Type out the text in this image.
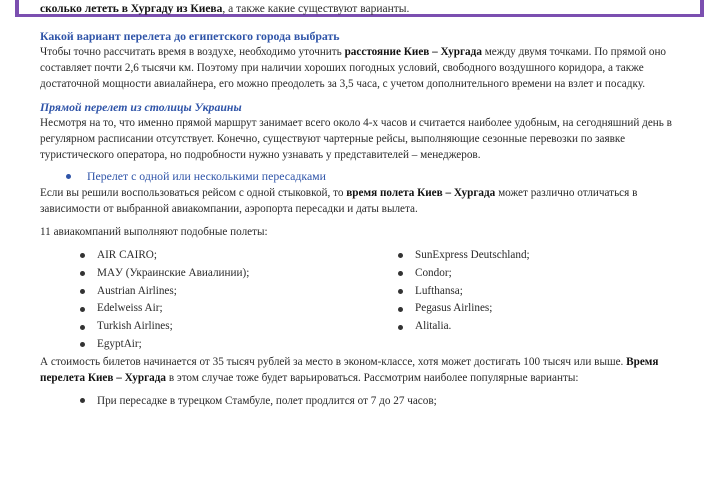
сколько лететь в Хургаду из Киева, а также какие существуют варианты.
Какой вариант перелета до египетского города выбрать

Чтобы точно рассчитать время в воздухе, необходимо уточнить расстояние Киев – Хургада между двумя точками. По прямой оно составляет почти 2,6 тысячи км. Поэтому при наличии хороших погодных условий, свободного воздушного коридора, а также достаточной мощности авиалайнера, его можно преодолеть за 3,5 часа, с учетом дополнительного времени на взлет и посадку.

Прямой перелет из столицы Украины

Несмотря на то, что именно прямой маршрут занимает всего около 4-х часов и считается наиболее удобным, на сегодняшний день в регулярном расписании отсутствует. Конечно, существуют чартерные рейсы, выполняющие сезонные перевозки по заявке туристического оператора, но подробности нужно узнавать у представителей – менеджеров.

Перелет с одной или несколькими пересадками

Если вы решили воспользоваться рейсом с одной стыковкой, то время полета Киев – Хургада может различно отличаться в зависимости от выбранной авиакомпании, аэропорта пересадки и даты вылета.

11 авиакомпаний выполняют подобные полеты:

AIR CAIRO;
MAУ (Украинские Авиалинии);
Austrian Airlines;
Edelweiss Air;
Turkish Airlines;
EgyptAir;
SunExpress Deutschland;
Condor;
Lufthansa;
Pegasus Airlines;
Alitalia.

А стоимость билетов начинается от 35 тысяч рублей за место в эконом-классе, хотя может достигать 100 тысяч или выше. Время перелета Киев – Хургада в этом случае тоже будет варьироваться. Рассмотрим наиболее популярные варианты:

При пересадке в турецком Стамбуле, полет продлится от 7 до 27 часов;
